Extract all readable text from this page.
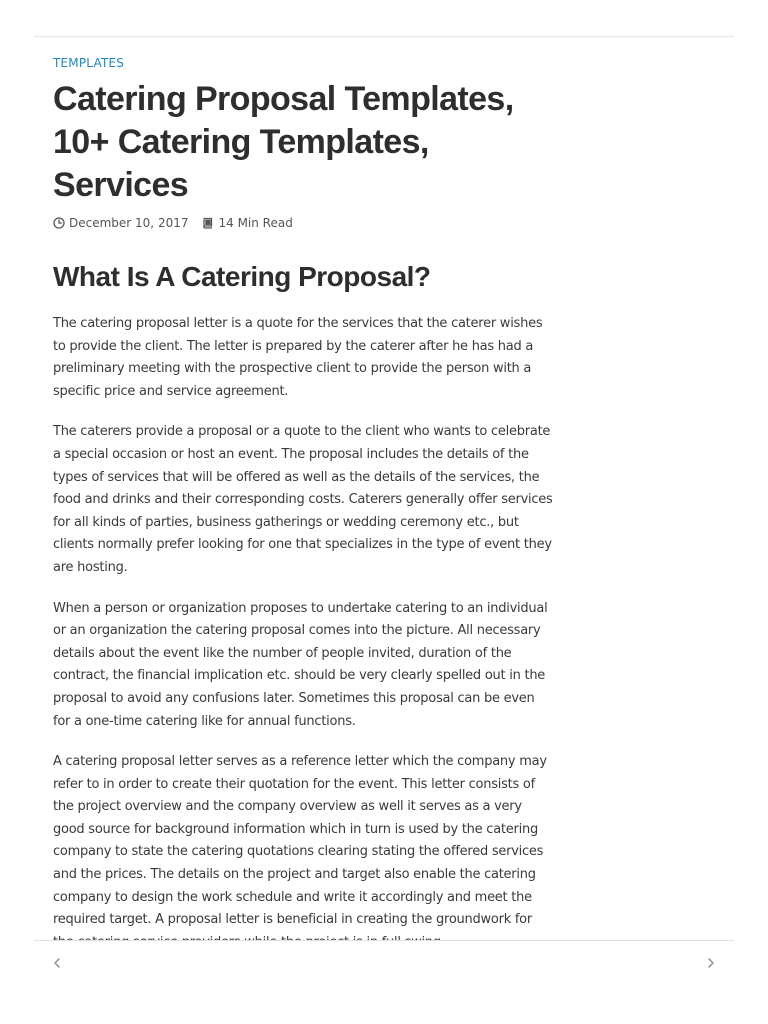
TEMPLATES
Catering Proposal Templates, 10+ Catering Templates, Services
December 10, 2017	14 Min Read
What Is A Catering Proposal?

The catering proposal letter is a quote for the services that the caterer wishes to provide the client. The letter is prepared by the caterer after he has had a preliminary meeting with the prospective client to provide the person with a specific price and service agreement.

The caterers provide a proposal or a quote to the client who wants to celebrate a special occasion or host an event. The proposal includes the details of the types of services that will be offered as well as the details of the services, the food and drinks and their corresponding costs. Caterers generally offer services for all kinds of parties, business gatherings or wedding ceremony etc., but clients normally prefer looking for one that specializes in the type of event they are hosting.

When a person or organization proposes to undertake catering to an individual or an organization the catering proposal comes into the picture. All necessary details about the event like the number of people invited, duration of the contract, the financial implication etc. should be very clearly spelled out in the proposal to avoid any confusions later. Sometimes this proposal can be even for a one-time catering like for annual functions.

A catering proposal letter serves as a reference letter which the company may refer to in order to create their quotation for the event. This letter consists of the project overview and the company overview as well it serves as a very good source for background information which in turn is used by the catering company to state the catering quotations clearing stating the offered services and the prices. The details on the project and target also enable the catering company to design the work schedule and write it accordingly and meet the required target. A proposal letter is beneficial in creating the groundwork for
